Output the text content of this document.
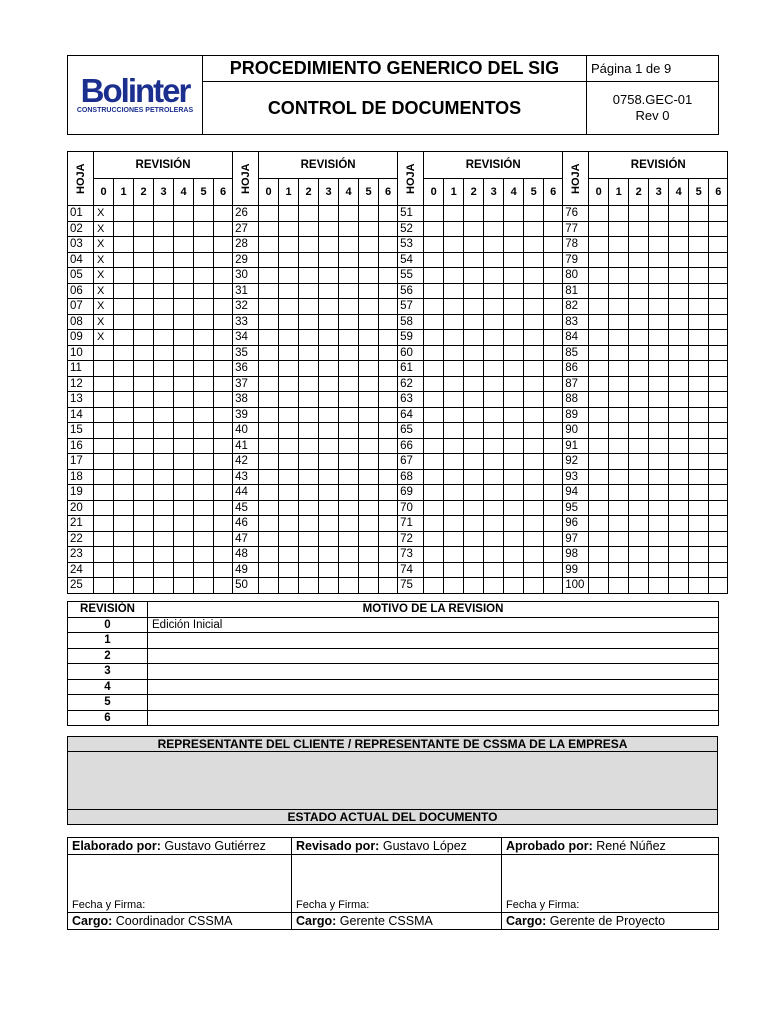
Bolinter
CONSTRUCCIONES PETROLERAS	PROCEDIMIENTO GENERICO DEL SIG	Página 1 de 9
	CONTROL DE DOCUMENTOS	0758.GEC-01
Rev 0
HOJA	REVISIÓN							HOJA	REVISIÓN							HOJA	REVISIÓN							HOJA	REVISIÓN						
	0	1	2	3	4	5	6		0	1	2	3	4	5	6		0	1	2	3	4	5	6		0	1	2	3	4	5	6
01	X							26								51								76							
02	X							27								52								77							
03	X							28								53								78							
04	X							29								54								79							
05	X							30								55								80							
06	X							31								56								81							
07	X							32								57								82							
08	X							33								58								83							
09	X							34								59								84							
10								35								60								85							
11								36								61								86							
12								37								62								87							
13								38								63								88							
14								39								64								89							
15								40								65								90							
16								41								66								91							
17								42								67								92							
18								43								68								93							
19								44								69								94							
20								45								70								95							
21								46								71								96							
22								47								72								97							
23								48								73								98							
24								49								74								99							
25								50								75								100							
REVISIÓN	MOTIVO DE LA REVISION
0	Edición Inicial
1	
2	
3	
4	
5	
6	
REPRESENTANTE DEL CLIENTE / REPRESENTANTE DE CSSMA DE LA EMPRESA

ESTADO ACTUAL DEL DOCUMENTO
Elaborado por: Gustavo Gutiérrez	Revisado por: Gustavo López	Aprobado por: René Núñez
Fecha y Firma:	Fecha y Firma:	Fecha y Firma:
Cargo: Coordinador CSSMA	Cargo: Gerente CSSMA	Cargo: Gerente de Proyecto
